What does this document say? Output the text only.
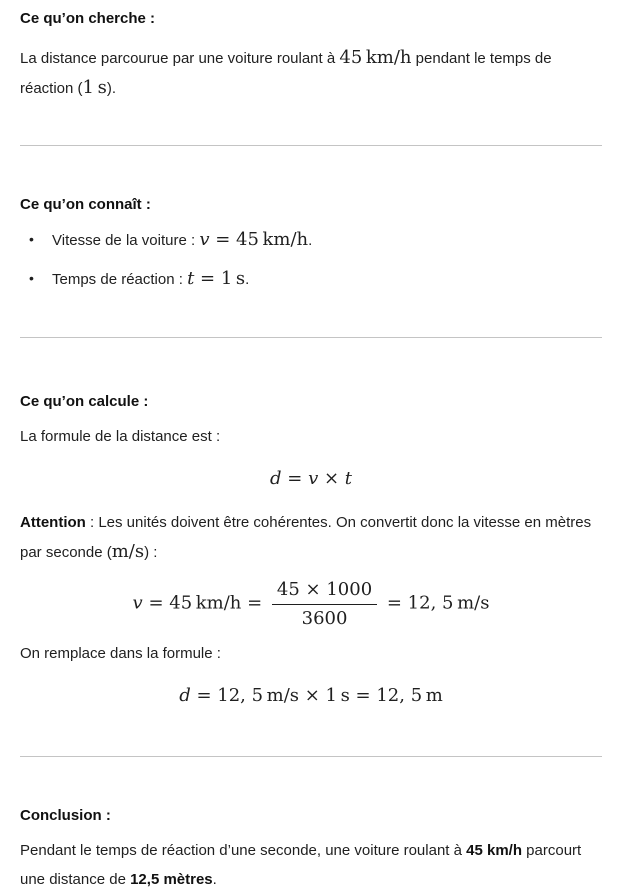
Ce qu’on cherche :

La distance parcourue par une voiture roulant à 45 km/h pendant le temps de réaction (1 s).

Ce qu’on connaît :
• Vitesse de la voiture : v = 45 km/h.
• Temps de réaction : t = 1 s.
Ce qu’on calcule :

La formule de la distance est :

d = v × t

Attention : Les unités doivent être cohérentes. On convertit donc la vitesse en mètres par seconde (m/s) :

v = 45 $km/h = \frac{45 \times 1000}{3600} = 12$, 5 m/s

On remplace dans la formule :

d = 12, 5 m/s × 1 s = 12, 5 m
Conclusion :

Pendant le temps de réaction d’une seconde, une voiture roulant à 45 km/h parcourt une distance de 12,5 mètres.
